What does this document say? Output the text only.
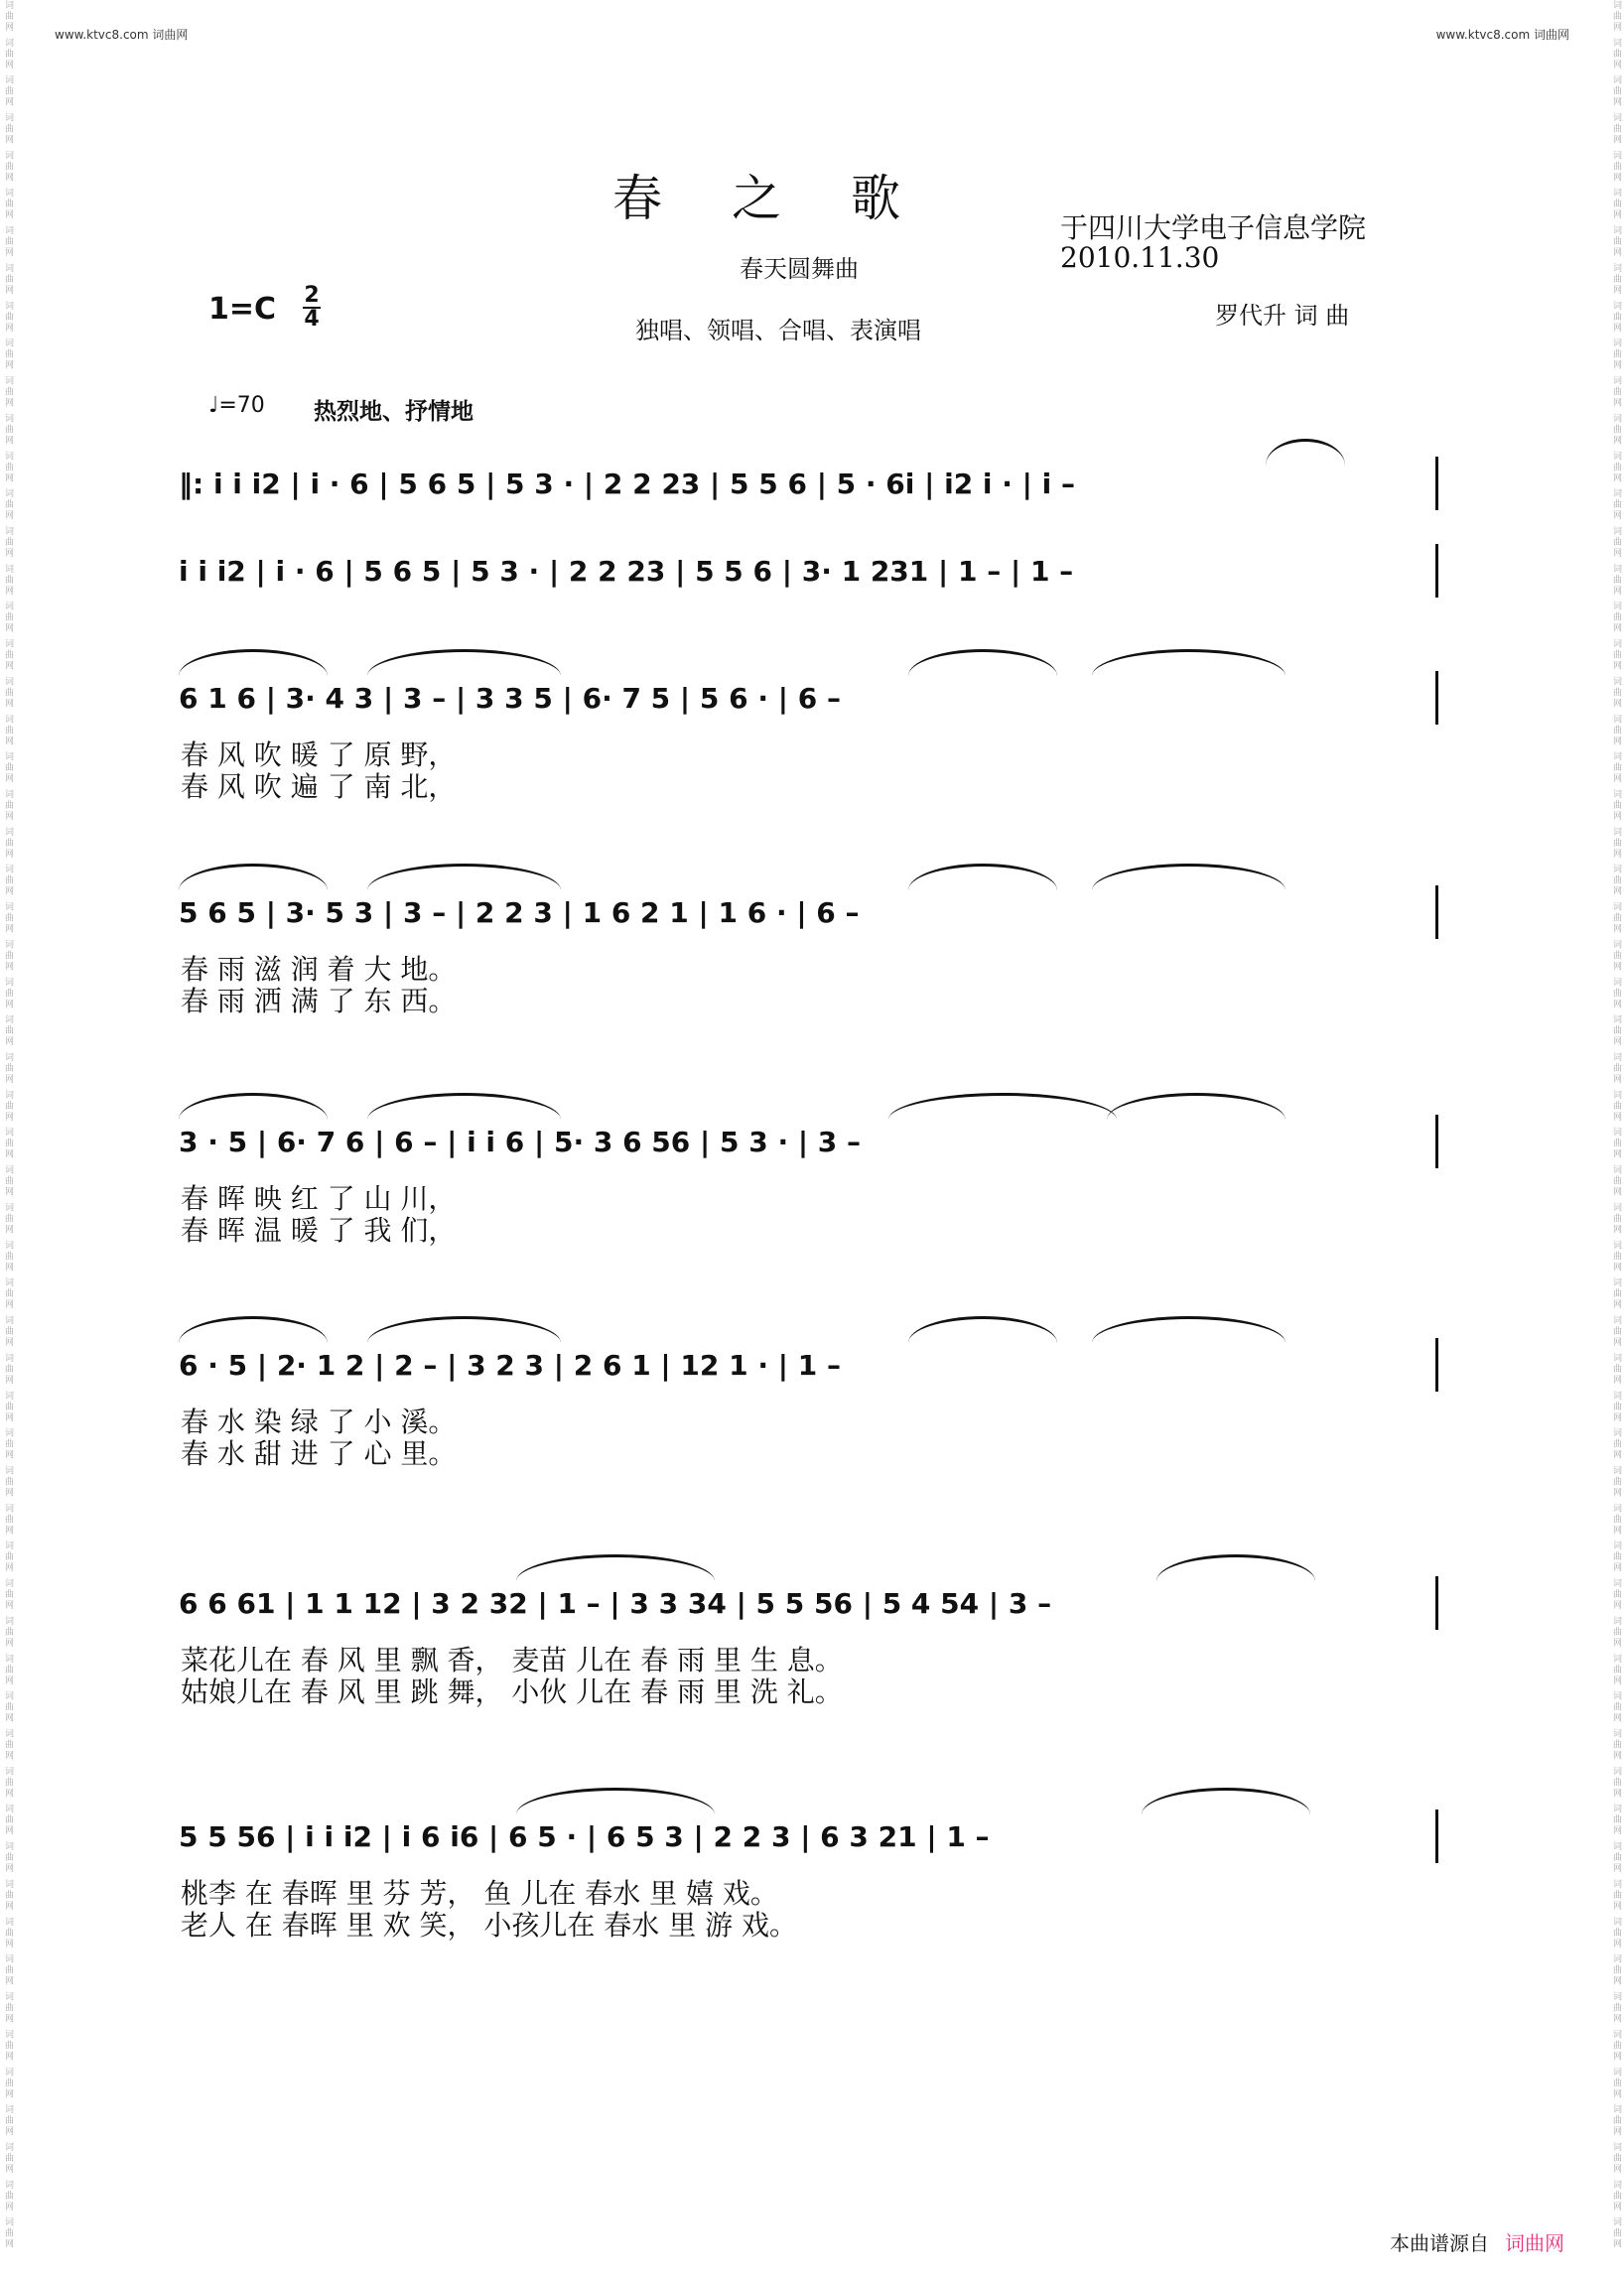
www.ktvc8.com 词曲网	www.ktvc8.com 词曲网
词曲网 词曲网 词曲网 词曲网 词曲网 词曲网 词曲网 词曲网 词曲网 词曲网 词曲网 词曲网 词曲网 词曲网 词曲网 词曲网 词曲网 词曲网 词曲网 词曲网 词曲网 词曲网 词曲网 词曲网 词曲网 词曲网 词曲网 词曲网 词曲网 词曲网 词曲网 词曲网 词曲网 词曲网 词曲网 词曲网 词曲网 词曲网 词曲网 词曲网 词曲网 词曲网 词曲网 词曲网 词曲网 词曲网 词曲网 词曲网 词曲网 词曲网 词曲网 词曲网 词曲网 词曲网 词曲网 词曲网 词曲网 词曲网 词曲网 词曲网	词曲网 词曲网 词曲网 词曲网 词曲网 词曲网 词曲网 词曲网 词曲网 词曲网 词曲网 词曲网 词曲网 词曲网 词曲网 词曲网 词曲网 词曲网 词曲网 词曲网 词曲网 词曲网 词曲网 词曲网 词曲网 词曲网 词曲网 词曲网 词曲网 词曲网 词曲网 词曲网 词曲网 词曲网 词曲网 词曲网 词曲网 词曲网 词曲网 词曲网 词曲网 词曲网 词曲网 词曲网 词曲网 词曲网 词曲网 词曲网 词曲网 词曲网 词曲网 词曲网 词曲网 词曲网 词曲网 词曲网 词曲网 词曲网 词曲网 词曲网
春之歌
春天圆舞曲
独唱、领唱、合唱、表演唱
于四川大学电子信息学院
2010.11.30
罗代升 词 曲
1=C 2
4
♩=70 热烈地、抒情地
‖: i i i2 | i · 6 | 5 6 5 | 5 3 · | 2 2 23 | 5 5 6 | 5 · 6i | i2 i · | i –
i i i2 | i · 6 | 5 6 5 | 5 3 · | 2 2 23 | 5 5 6 | 3· 1 231 | 1 – | 1 –
6 1 6 | 3· 4 3 | 3 – | 3 3 5 | 6· 7 5 | 5 6 · | 6 –
春 风 吹 暖 了 原 野，
春 风 吹 遍 了 南 北，
5 6 5 | 3· 5 3 | 3 – | 2 2 3 | 1 6 2 1 | 1 6 · | 6 –
春 雨 滋 润 着 大 地。
春 雨 洒 满 了 东 西。
3 · 5 | 6· 7 6 | 6 – | i i 6 | 5· 3 6 56 | 5 3 · | 3 –
春 晖 映 红 了 山 川，
春 晖 温 暖 了 我 们，
6 · 5 | 2· 1 2 | 2 – | 3 2 3 | 2 6 1 | 12 1 · | 1 –
春 水 染 绿 了 小 溪。
春 水 甜 进 了 心 里。
6 6 61 | 1 1 12 | 3 2 32 | 1 – | 3 3 34 | 5 5 56 | 5 4 54 | 3 –
菜花儿在 春 风 里 飘 香， 麦苗 儿在 春 雨 里 生 息。
姑娘儿在 春 风 里 跳 舞， 小伙 儿在 春 雨 里 洗 礼。
5 5 56 | i i i2 | i 6 i6 | 6 5 · | 6 5 3 | 2 2 3 | 6 3 21 | 1 –
桃李 在 春晖 里 芬 芳， 鱼 儿在 春水 里 嬉 戏。
老人 在 春晖 里 欢 笑， 小孩儿在 春水 里 游 戏。
本曲谱源自 词曲网
